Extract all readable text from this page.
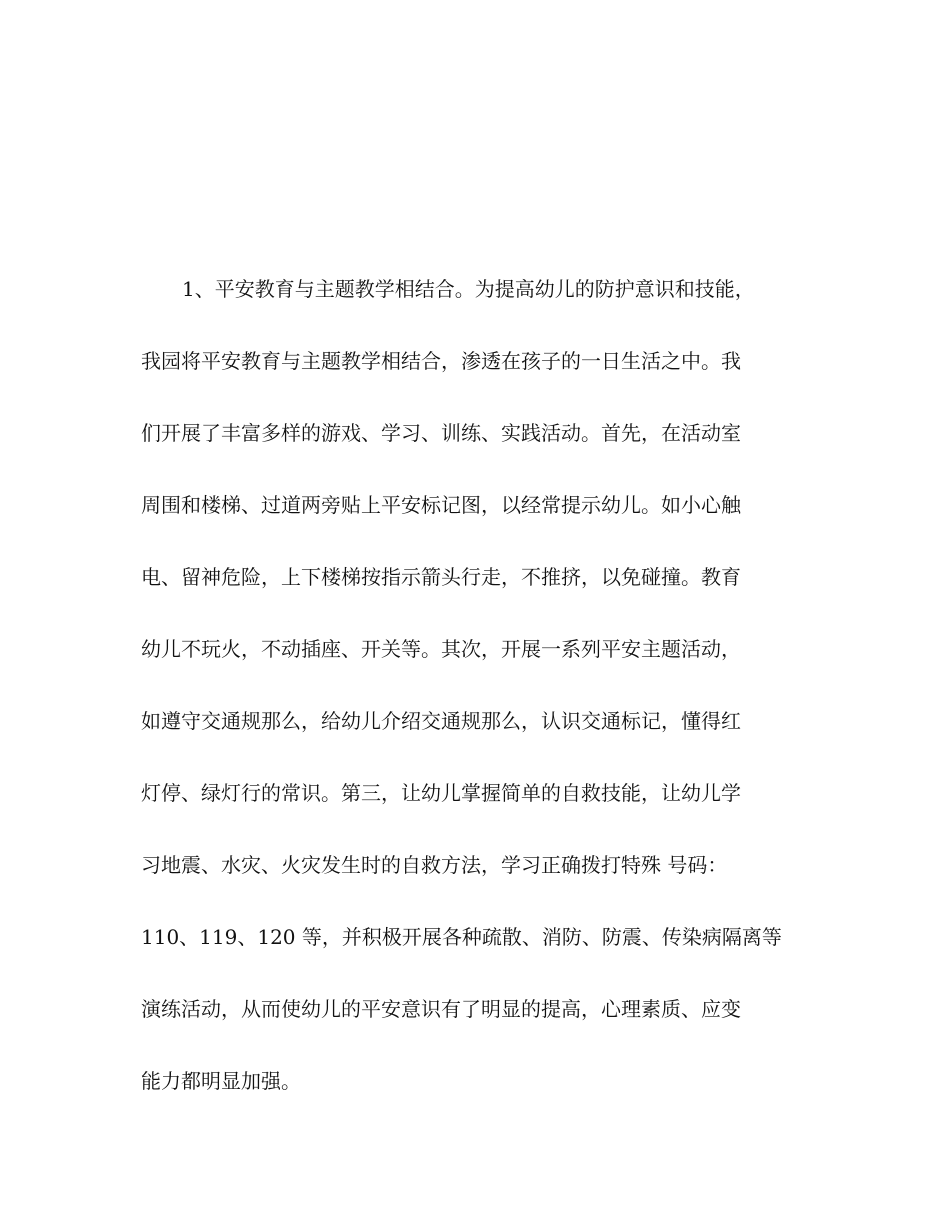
1、平安教育与主题教学相结合。为提高幼儿的防护意识和技能，
我园将平安教育与主题教学相结合，渗透在孩子的一日生活之中。我
们开展了丰富多样的游戏、学习、训练、实践活动。首先，在活动室
周围和楼梯、过道两旁贴上平安标记图，以经常提示幼儿。如小心触
电、留神危险，上下楼梯按指示箭头行走，不推挤，以免碰撞。教育
幼儿不玩火，不动插座、开关等。其次，开展一系列平安主题活动，
如遵守交通规那么，给幼儿介绍交通规那么，认识交通标记，懂得红
灯停、绿灯行的常识。第三，让幼儿掌握简单的自救技能，让幼儿学
习地震、水灾、火灾发生时的自救方法，学习正确拨打特殊 号码：
110、119、120 等，并积极开展各种疏散、消防、防震、传染病隔离等
演练活动，从而使幼儿的平安意识有了明显的提高，心理素质、应变
能力都明显加强。
